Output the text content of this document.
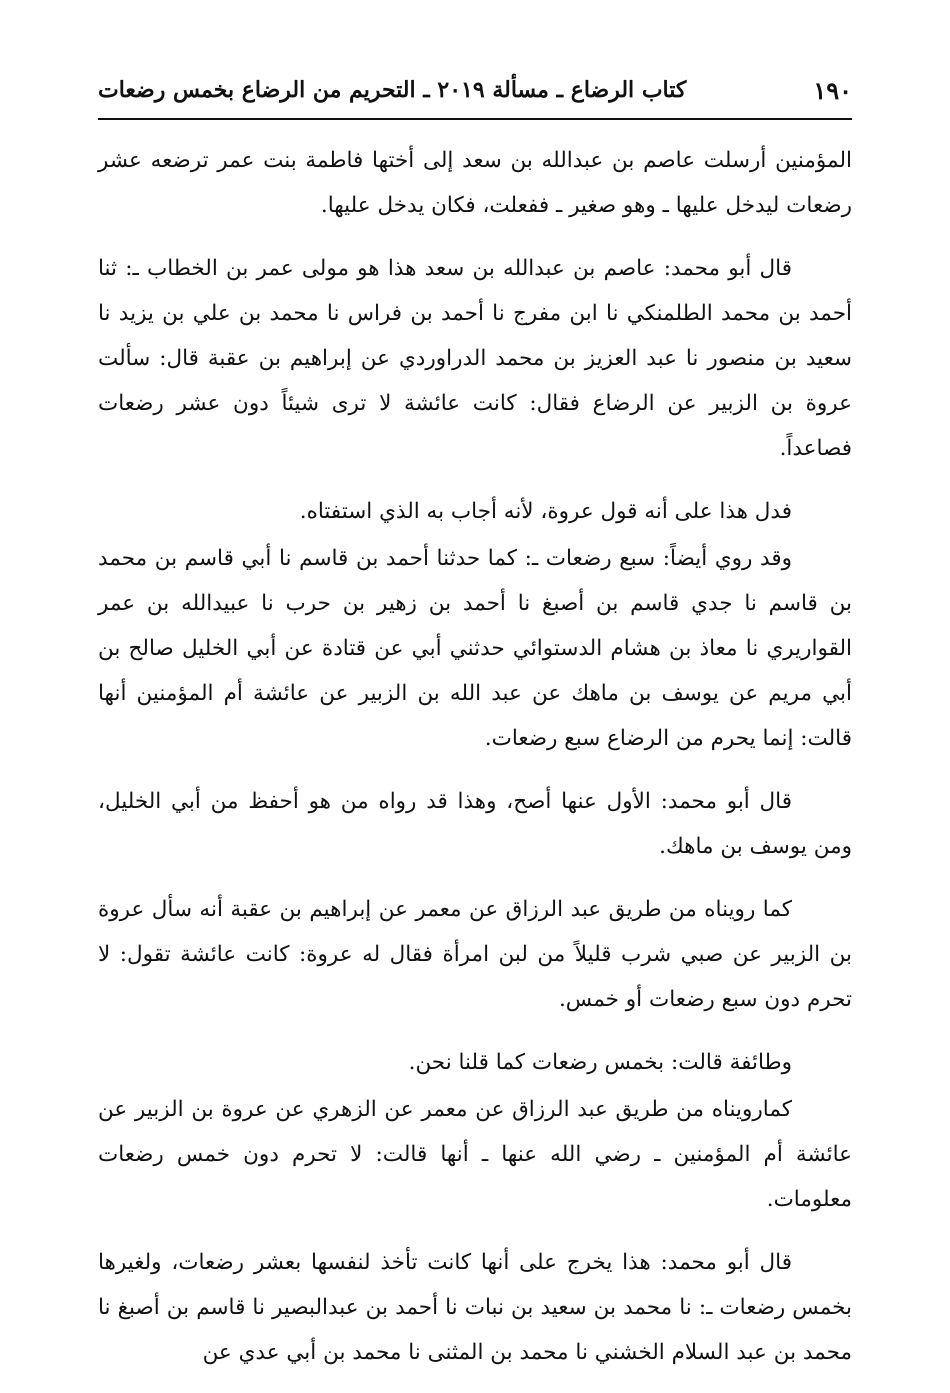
١٩٠
كتاب الرضاع ـ مسألة ٢٠١٩ ـ التحريم من الرضاع بخمس رضعات

المؤمنين أرسلت عاصم بن عبدالله بن سعد إلى أختها فاطمة بنت عمر ترضعه عشر رضعات ليدخل عليها ـ وهو صغير ـ ففعلت، فكان يدخل عليها.

قال أبو محمد: عاصم بن عبدالله بن سعد هذا هو مولى عمر بن الخطاب ـ: ثنا أحمد بن محمد الطلمنكي نا ابن مفرج نا أحمد بن فراس نا محمد بن علي بن يزيد نا سعيد بن منصور نا عبد العزيز بن محمد الدراوردي عن إبراهيم بن عقبة قال: سألت عروة بن الزبير عن الرضاع فقال: كانت عائشة لا ترى شيئاً دون عشر رضعات فصاعداً.

فدل هذا على أنه قول عروة، لأنه أجاب به الذي استفتاه.

وقد روي أيضاً: سبع رضعات ـ: كما حدثنا أحمد بن قاسم نا أبي قاسم بن محمد بن قاسم نا جدي قاسم بن أصبغ نا أحمد بن زهير بن حرب نا عبيدالله بن عمر القواريري نا معاذ بن هشام الدستوائي حدثني أبي عن قتادة عن أبي الخليل صالح بن أبي مريم عن يوسف بن ماهك عن عبد الله بن الزبير عن عائشة أم المؤمنين أنها قالت: إنما يحرم من الرضاع سبع رضعات.

قال أبو محمد: الأول عنها أصح، وهذا قد رواه من هو أحفظ من أبي الخليل، ومن يوسف بن ماهك.

كما رويناه من طريق عبد الرزاق عن معمر عن إبراهيم بن عقبة أنه سأل عروة بن الزبير عن صبي شرب قليلاً من لبن امرأة فقال له عروة: كانت عائشة تقول: لا تحرم دون سبع رضعات أو خمس.

وطائفة قالت: بخمس رضعات كما قلنا نحن.

كمارويناه من طريق عبد الرزاق عن معمر عن الزهري عن عروة بن الزبير عن عائشة أم المؤمنين ـ رضي الله عنها ـ أنها قالت: لا تحرم دون خمس رضعات معلومات.

قال أبو محمد: هذا يخرج على أنها كانت تأخذ لنفسها بعشر رضعات، ولغيرها بخمس رضعات ـ: نا محمد بن سعيد بن نبات نا أحمد بن عبدالبصير نا قاسم بن أصبغ نا محمد بن عبد السلام الخشني نا محمد بن المثنى نا محمد بن أبي عدي عن
